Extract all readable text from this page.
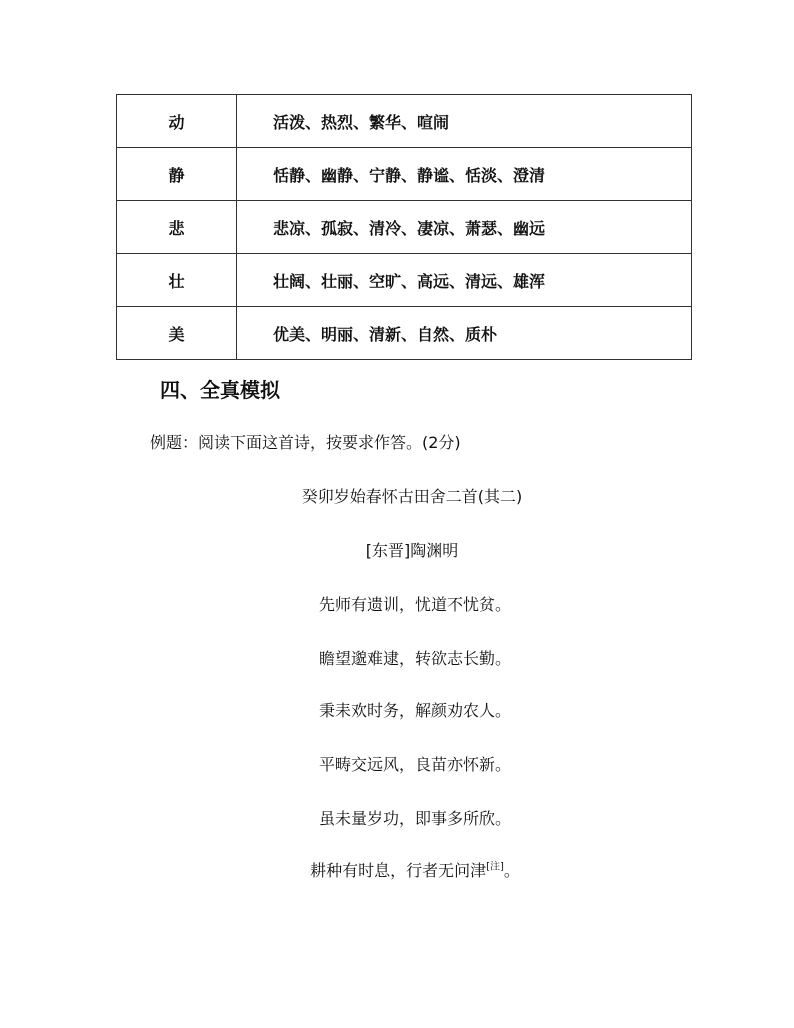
动	活泼、热烈、繁华、喧闹
静	恬静、幽静、宁静、静谧、恬淡、澄清
悲	悲凉、孤寂、清冷、凄凉、萧瑟、幽远
壮	壮阔、壮丽、空旷、高远、清远、雄浑
美	优美、明丽、清新、自然、质朴
四、全真模拟
例题：阅读下面这首诗，按要求作答。(2分)
癸卯岁始春怀古田舍二首(其二)
[东晋]陶渊明
先师有遗训，忧道不忧贫。
瞻望邈难逮，转欲志长勤。
秉耒欢时务，解颜劝农人。
平畴交远风，良苗亦怀新。
虽未量岁功，即事多所欣。
耕种有时息，行者无问津[注]。
